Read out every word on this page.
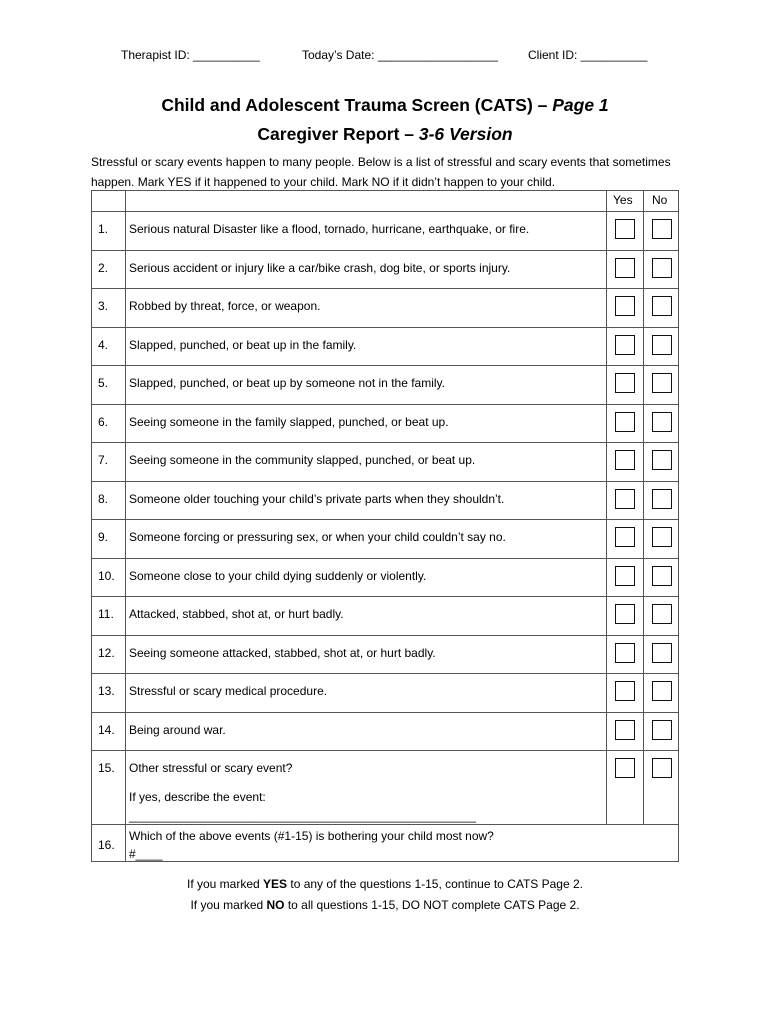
Therapist ID: __________	Today’s Date: __________________	Client ID: __________
Child and Adolescent Trauma Screen (CATS) – Page 1
Caregiver Report – 3-6 Version
Stressful or scary events happen to many people. Below is a list of stressful and scary events that sometimes happen. Mark YES if it happened to your child. Mark NO if it didn’t happen to your child.
Yes No
1. Serious natural Disaster like a flood, tornado, hurricane, earthquake, or fire.
2. Serious accident or injury like a car/bike crash, dog bite, or sports injury.
3. Robbed by threat, force, or weapon.
4. Slapped, punched, or beat up in the family.
5. Slapped, punched, or beat up by someone not in the family.
6. Seeing someone in the family slapped, punched, or beat up.
7. Seeing someone in the community slapped, punched, or beat up.
8. Someone older touching your child’s private parts when they shouldn’t.
9. Someone forcing or pressuring sex, or when your child couldn’t say no.
10. Someone close to your child dying suddenly or violently.
11. Attacked, stabbed, shot at, or hurt badly.
12. Seeing someone attacked, stabbed, shot at, or hurt badly.
13. Stressful or scary medical procedure.
14. Being around war.
15. Other stressful or scary event?
If yes, describe the event:
____________________________________________________
16.
Which of the above events (#1-15) is bothering your child most now?
#____
If you marked YES to any of the questions 1-15, continue to CATS Page 2.
If you marked NO to all questions 1-15, DO NOT complete CATS Page 2.
